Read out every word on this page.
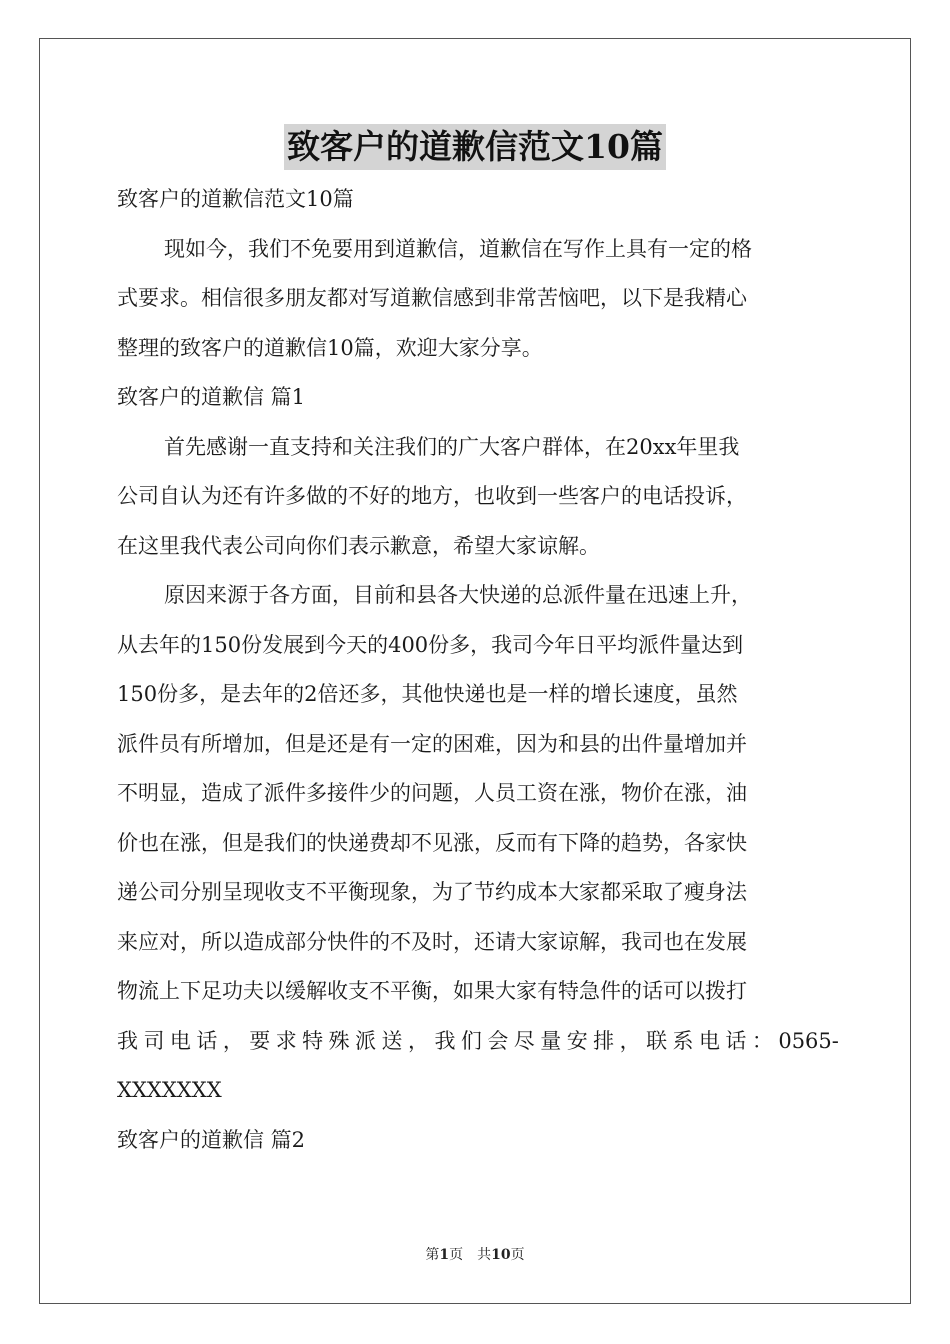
致客户的道歉信范文10篇
致客户的道歉信范文10篇
现如今，我们不免要用到道歉信，道歉信在写作上具有一定的格
式要求。相信很多朋友都对写道歉信感到非常苦恼吧，以下是我精心
整理的致客户的道歉信10篇，欢迎大家分享。
致客户的道歉信 篇1
首先感谢一直支持和关注我们的广大客户群体，在20xx年里我
公司自认为还有许多做的不好的地方，也收到一些客户的电话投诉，
在这里我代表公司向你们表示歉意，希望大家谅解。
原因来源于各方面，目前和县各大快递的总派件量在迅速上升，
从去年的150份发展到今天的400份多，我司今年日平均派件量达到
150份多，是去年的2倍还多，其他快递也是一样的增长速度，虽然
派件员有所增加，但是还是有一定的困难，因为和县的出件量增加并
不明显，造成了派件多接件少的问题，人员工资在涨，物价在涨，油
价也在涨，但是我们的快递费却不见涨，反而有下降的趋势，各家快
递公司分别呈现收支不平衡现象，为了节约成本大家都采取了瘦身法
来应对，所以造成部分快件的不及时，还请大家谅解，我司也在发展
物流上下足功夫以缓解收支不平衡，如果大家有特急件的话可以拨打
我 司 电 话 ， 要 求 特 殊 派 送 ， 我 们 会 尽 量 安 排 ， 联 系 电 话 ： 0565-
XXXXXXX
致客户的道歉信 篇2
第1页 共10页
